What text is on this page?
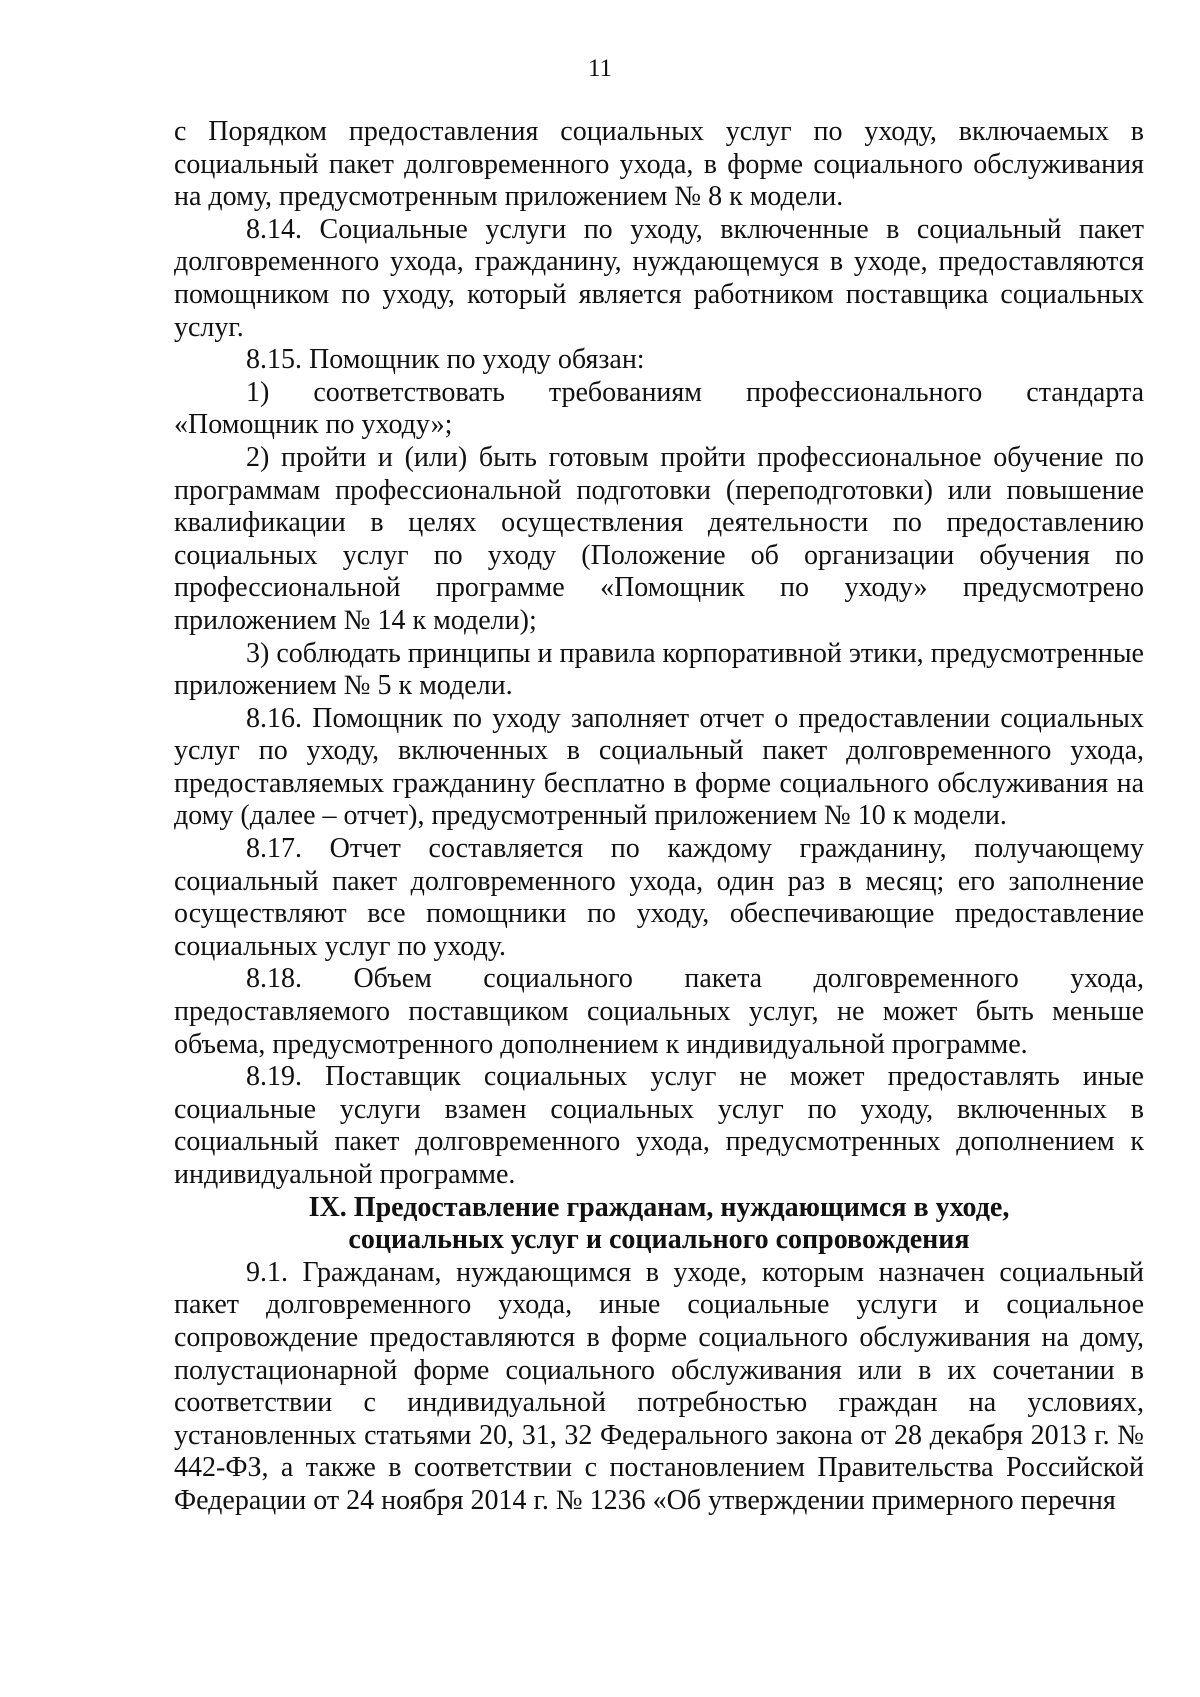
11

с Порядком предоставления социальных услуг по уходу, включаемых в социальный пакет долговременного ухода, в форме социального обслуживания на дому, предусмотренным приложением № 8 к модели.

8.14. Социальные услуги по уходу, включенные в социальный пакет долговременного ухода, гражданину, нуждающемуся в уходе, предоставляются помощником по уходу, который является работником поставщика социальных услуг.

8.15. Помощник по уходу обязан:

1) соответствовать требованиям профессионального стандарта «Помощник по уходу»;

2) пройти и (или) быть готовым пройти профессиональное обучение по программам профессиональной подготовки (переподготовки) или повышение квалификации в целях осуществления деятельности по предоставлению социальных услуг по уходу (Положение об организации обучения по профессиональной программе «Помощник по уходу» предусмотрено приложением № 14 к модели);

3) соблюдать принципы и правила корпоративной этики, предусмотренные приложением № 5 к модели.

8.16. Помощник по уходу заполняет отчет о предоставлении социальных услуг по уходу, включенных в социальный пакет долговременного ухода, предоставляемых гражданину бесплатно в форме социального обслуживания на дому (далее – отчет), предусмотренный приложением № 10 к модели.

8.17. Отчет составляется по каждому гражданину, получающему социальный пакет долговременного ухода, один раз в месяц; его заполнение осуществляют все помощники по уходу, обеспечивающие предоставление социальных услуг по уходу.

8.18. Объем социального пакета долговременного ухода, предоставляемого поставщиком социальных услуг, не может быть меньше объема, предусмотренного дополнением к индивидуальной программе.

8.19. Поставщик социальных услуг не может предоставлять иные социальные услуги взамен социальных услуг по уходу, включенных в социальный пакет долговременного ухода, предусмотренных дополнением к индивидуальной программе.

IX. Предоставление гражданам, нуждающимся в уходе,
социальных услуг и социального сопровождения

9.1. Гражданам, нуждающимся в уходе, которым назначен социальный пакет долговременного ухода, иные социальные услуги и социальное сопровождение предоставляются в форме социального обслуживания на дому, полустационарной форме социального обслуживания или в их сочетании в соответствии с индивидуальной потребностью граждан на условиях, установленных статьями 20, 31, 32 Федерального закона от 28 декабря 2013 г. № 442-ФЗ, а также в соответствии с постановлением Правительства Российской Федерации от 24 ноября 2014 г. № 1236 «Об утверждении примерного перечня
